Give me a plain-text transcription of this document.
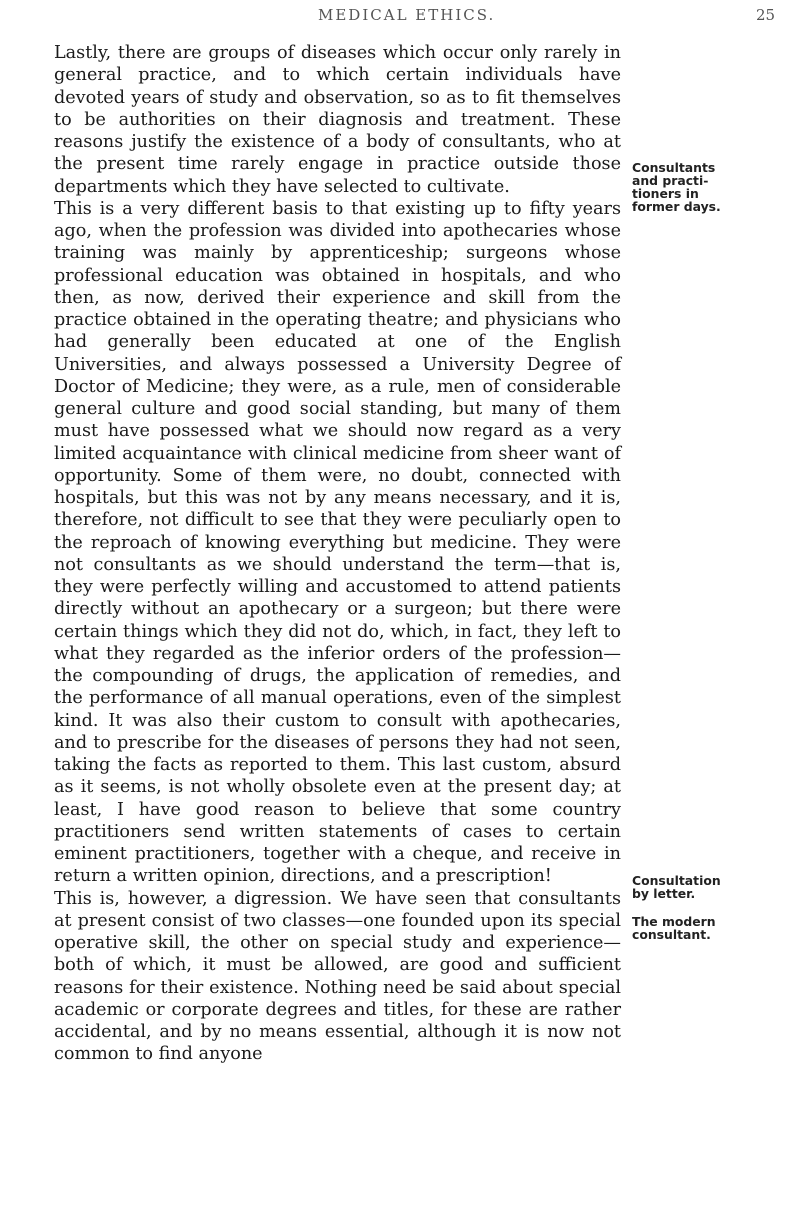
MEDICAL ETHICS.	25

Lastly, there are groups of diseases which occur only rarely in general practice, and to which certain individuals have devoted years of study and observation, so as to fit themselves to be authorities on their diagnosis and treatment. These reasons justify the existence of a body of consultants, who at the present time rarely engage in practice outside those departments which they have selected to cultivate.

This is a very different basis to that existing up to fifty years ago, when the profession was divided into apothecaries whose training was mainly by apprenticeship; surgeons whose professional education was obtained in hospitals, and who then, as now, derived their experience and skill from the practice obtained in the operating theatre; and physicians who had generally been educated at one of the English Universities, and always possessed a University Degree of Doctor of Medicine; they were, as a rule, men of considerable general culture and good social standing, but many of them must have possessed what we should now regard as a very limited acquaintance with clinical medicine from sheer want of opportunity. Some of them were, no doubt, connected with hospitals, but this was not by any means necessary, and it is, therefore, not difficult to see that they were peculiarly open to the reproach of knowing everything but medicine. They were not consultants as we should understand the term—that is, they were perfectly willing and accustomed to attend patients directly without an apothecary or a surgeon; but there were certain things which they did not do, which, in fact, they left to what they regarded as the inferior orders of the profession—the compounding of drugs, the application of remedies, and the performance of all manual operations, even of the simplest kind. It was also their custom to consult with apothecaries, and to prescribe for the diseases of persons they had not seen, taking the facts as reported to them. This last custom, absurd as it seems, is not wholly obsolete even at the present day; at least, I have good reason to believe that some country practitioners send written statements of cases to certain eminent practitioners, together with a cheque, and receive in return a written opinion, directions, and a prescription!

This is, however, a digression. We have seen that consultants at present consist of two classes—one founded upon its special operative skill, the other on special study and experience—both of which, it must be allowed, are good and sufficient reasons for their existence. Nothing need be said about special academic or corporate degrees and titles, for these are rather accidental, and by no means essential, although it is now not common to find anyone

Consultants
and practi-
tioners in
former days.
Consultation
by letter.
The modern
consultant.
